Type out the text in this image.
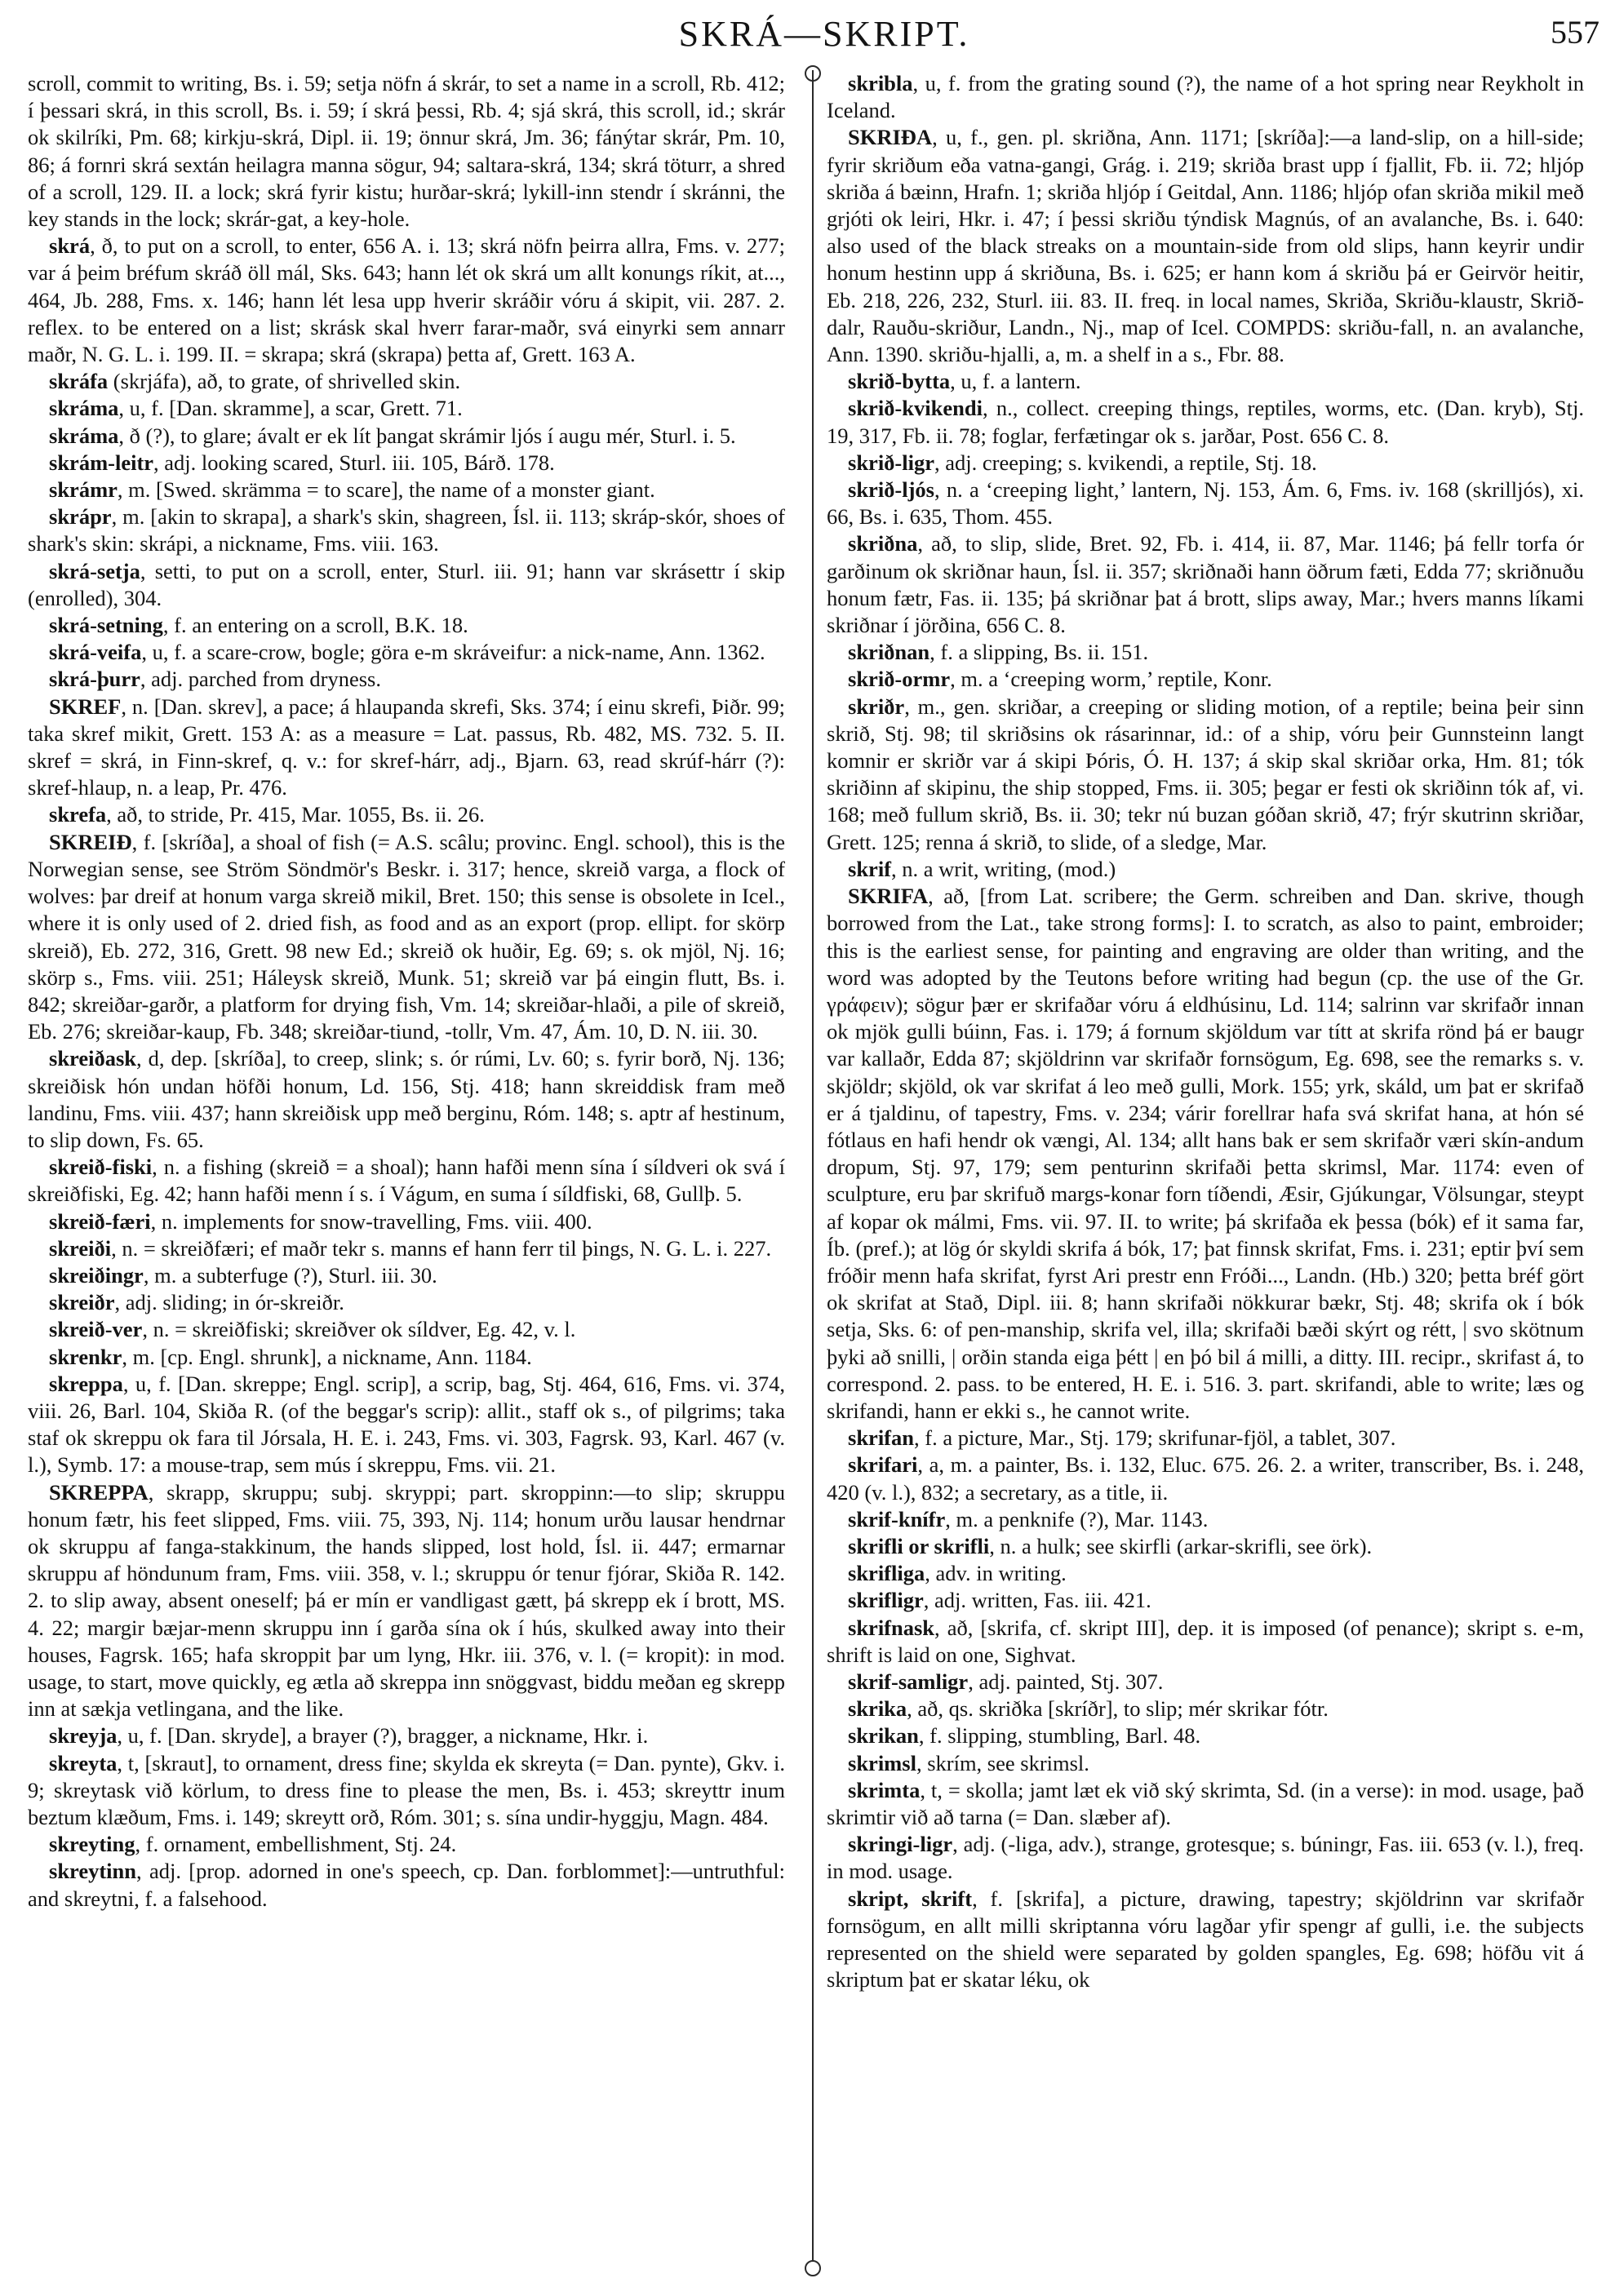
SKRÁ—SKRIPT.	557

scroll, commit to writing, Bs. i. 59; setja nöfn á skrár, to set a name in a scroll, Rb. 412; í þessari skrá, in this scroll, Bs. i. 59; í skrá þessi, Rb. 4; sjá skrá, this scroll, id.; skrár ok skilríki, Pm. 68; kirkju-skrá, Dipl. ii. 19; önnur skrá, Jm. 36; fánýtar skrár, Pm. 10, 86; á fornri skrá sextán heilagra manna sögur, 94; saltara-skrá, 134; skrá töturr, a shred of a scroll, 129. II. a lock; skrá fyrir kistu; hurðar-skrá; lykill-inn stendr í skránni, the key stands in the lock; skrár-gat, a key-hole.

skrá, ð, to put on a scroll, to enter, 656 A. i. 13; skrá nöfn þeirra allra, Fms. v. 277; var á þeim bréfum skráð öll mál, Sks. 643; hann lét ok skrá um allt konungs ríkit, at..., 464, Jb. 288, Fms. x. 146; hann lét lesa upp hverir skráðir vóru á skipit, vii. 287. 2. reflex. to be entered on a list; skrásk skal hverr farar-maðr, svá einyrki sem annarr maðr, N. G. L. i. 199. II. = skrapa; skrá (skrapa) þetta af, Grett. 163 A.

skráfa (skrjáfa), að, to grate, of shrivelled skin.

skráma, u, f. [Dan. skramme], a scar, Grett. 71.

skráma, ð (?), to glare; ávalt er ek lít þangat skrámir ljós í augu mér, Sturl. i. 5.

skrám-leitr, adj. looking scared, Sturl. iii. 105, Bárð. 178.

skrámr, m. [Swed. skrämma = to scare], the name of a monster giant.

skrápr, m. [akin to skrapa], a shark's skin, shagreen, Ísl. ii. 113; skráp-skór, shoes of shark's skin: skrápi, a nickname, Fms. viii. 163.

skrá-setja, setti, to put on a scroll, enter, Sturl. iii. 91; hann var skrásettr í skip (enrolled), 304.

skrá-setning, f. an entering on a scroll, B.K. 18.

skrá-veifa, u, f. a scare-crow, bogle; göra e-m skráveifur: a nick-name, Ann. 1362.

skrá-þurr, adj. parched from dryness.

SKREF, n. [Dan. skrev], a pace; á hlaupanda skrefi, Sks. 374; í einu skrefi, Þiðr. 99; taka skref mikit, Grett. 153 A: as a measure = Lat. passus, Rb. 482, MS. 732. 5. II. skref = skrá, in Finn-skref, q. v.: for skref-hárr, adj., Bjarn. 63, read skrúf-hárr (?): skref-hlaup, n. a leap, Pr. 476.

skrefa, að, to stride, Pr. 415, Mar. 1055, Bs. ii. 26.

SKREIÐ, f. [skríða], a shoal of fish (= A.S. scâlu; provinc. Engl. school), this is the Norwegian sense, see Ström Söndmör's Beskr. i. 317; hence, skreið varga, a flock of wolves: þar dreif at honum varga skreið mikil, Bret. 150; this sense is obsolete in Icel., where it is only used of 2. dried fish, as food and as an export (prop. ellipt. for skörp skreið), Eb. 272, 316, Grett. 98 new Ed.; skreið ok huðir, Eg. 69; s. ok mjöl, Nj. 16; skörp s., Fms. viii. 251; Háleysk skreið, Munk. 51; skreið var þá eingin flutt, Bs. i. 842; skreiðar-garðr, a platform for drying fish, Vm. 14; skreiðar-hlaði, a pile of skreið, Eb. 276; skreiðar-kaup, Fb. 348; skreiðar-tiund, -tollr, Vm. 47, Ám. 10, D. N. iii. 30.

skreiðask, d, dep. [skríða], to creep, slink; s. ór rúmi, Lv. 60; s. fyrir borð, Nj. 136; skreiðisk hón undan höfði honum, Ld. 156, Stj. 418; hann skreiddisk fram með landinu, Fms. viii. 437; hann skreiðisk upp með berginu, Róm. 148; s. aptr af hestinum, to slip down, Fs. 65.

skreið-fiski, n. a fishing (skreið = a shoal); hann hafði menn sína í síldveri ok svá í skreiðfiski, Eg. 42; hann hafði menn í s. í Vágum, en suma í síldfiski, 68, Gullþ. 5.

skreið-færi, n. implements for snow-travelling, Fms. viii. 400.

skreiði, n. = skreiðfæri; ef maðr tekr s. manns ef hann ferr til þings, N. G. L. i. 227.

skreiðingr, m. a subterfuge (?), Sturl. iii. 30.

skreiðr, adj. sliding; in ór-skreiðr.

skreið-ver, n. = skreiðfiski; skreiðver ok síldver, Eg. 42, v. l.

skrenkr, m. [cp. Engl. shrunk], a nickname, Ann. 1184.

skreppa, u, f. [Dan. skreppe; Engl. scrip], a scrip, bag, Stj. 464, 616, Fms. vi. 374, viii. 26, Barl. 104, Skiða R. (of the beggar's scrip): allit., staff ok s., of pilgrims; taka staf ok skreppu ok fara til Jórsala, H. E. i. 243, Fms. vi. 303, Fagrsk. 93, Karl. 467 (v. l.), Symb. 17: a mouse-trap, sem mús í skreppu, Fms. vii. 21.

SKREPPA, skrapp, skruppu; subj. skryppi; part. skroppinn:—to slip; skruppu honum fætr, his feet slipped, Fms. viii. 75, 393, Nj. 114; honum urðu lausar hendrnar ok skruppu af fanga-stakkinum, the hands slipped, lost hold, Ísl. ii. 447; ermarnar skruppu af höndunum fram, Fms. viii. 358, v. l.; skruppu ór tenur fjórar, Skiða R. 142. 2. to slip away, absent oneself; þá er mín er vandligast gætt, þá skrepp ek í brott, MS. 4. 22; margir bæjar-menn skruppu inn í garða sína ok í hús, skulked away into their houses, Fagrsk. 165; hafa skroppit þar um lyng, Hkr. iii. 376, v. l. (= kropit): in mod. usage, to start, move quickly, eg ætla að skreppa inn snöggvast, biddu meðan eg skrepp inn at sækja vetlingana, and the like.

skreyja, u, f. [Dan. skryde], a brayer (?), bragger, a nickname, Hkr. i.

skreyta, t, [skraut], to ornament, dress fine; skylda ek skreyta (= Dan. pynte), Gkv. i. 9; skreytask við körlum, to dress fine to please the men, Bs. i. 453; skreyttr inum beztum klæðum, Fms. i. 149; skreytt orð, Róm. 301; s. sína undir-hyggju, Magn. 484.

skreyting, f. ornament, embellishment, Stj. 24.

skreytinn, adj. [prop. adorned in one's speech, cp. Dan. forblommet]:—untruthful: and skreytni, f. a falsehood.

skribla, u, f. from the grating sound (?), the name of a hot spring near Reykholt in Iceland.

SKRIÐA, u, f., gen. pl. skriðna, Ann. 1171; [skríða]:—a land-slip, on a hill-side; fyrir skriðum eða vatna-gangi, Grág. i. 219; skriða brast upp í fjallit, Fb. ii. 72; hljóp skriða á bæinn, Hrafn. 1; skriða hljóp í Geitdal, Ann. 1186; hljóp ofan skriða mikil með grjóti ok leiri, Hkr. i. 47; í þessi skriðu týndisk Magnús, of an avalanche, Bs. i. 640: also used of the black streaks on a mountain-side from old slips, hann keyrir undir honum hestinn upp á skriðuna, Bs. i. 625; er hann kom á skriðu þá er Geirvör heitir, Eb. 218, 226, 232, Sturl. iii. 83. II. freq. in local names, Skriða, Skriðu-klaustr, Skrið-dalr, Rauðu-skriður, Landn., Nj., map of Icel. COMPDS: skriðu-fall, n. an avalanche, Ann. 1390. skriðu-hjalli, a, m. a shelf in a s., Fbr. 88.

skrið-bytta, u, f. a lantern.

skrið-kvikendi, n., collect. creeping things, reptiles, worms, etc. (Dan. kryb), Stj. 19, 317, Fb. ii. 78; foglar, ferfætingar ok s. jarðar, Post. 656 C. 8.

skrið-ligr, adj. creeping; s. kvikendi, a reptile, Stj. 18.

skrið-ljós, n. a ‘creeping light,’ lantern, Nj. 153, Ám. 6, Fms. iv. 168 (skrilljós), xi. 66, Bs. i. 635, Thom. 455.

skriðna, að, to slip, slide, Bret. 92, Fb. i. 414, ii. 87, Mar. 1146; þá fellr torfa ór garðinum ok skriðnar haun, Ísl. ii. 357; skriðnaði hann öðrum fæti, Edda 77; skriðnuðu honum fætr, Fas. ii. 135; þá skriðnar þat á brott, slips away, Mar.; hvers manns líkami skriðnar í jörðina, 656 C. 8.

skriðnan, f. a slipping, Bs. ii. 151.

skrið-ormr, m. a ‘creeping worm,’ reptile, Konr.

skriðr, m., gen. skriðar, a creeping or sliding motion, of a reptile; beina þeir sinn skrið, Stj. 98; til skriðsins ok rásarinnar, id.: of a ship, vóru þeir Gunnsteinn langt komnir er skriðr var á skipi Þóris, Ó. H. 137; á skip skal skriðar orka, Hm. 81; tók skriðinn af skipinu, the ship stopped, Fms. ii. 305; þegar er festi ok skriðinn tók af, vi. 168; með fullum skrið, Bs. ii. 30; tekr nú buzan góðan skrið, 47; frýr skutrinn skriðar, Grett. 125; renna á skrið, to slide, of a sledge, Mar.

skrif, n. a writ, writing, (mod.)

SKRIFA, að, [from Lat. scribere; the Germ. schreiben and Dan. skrive, though borrowed from the Lat., take strong forms]: I. to scratch, as also to paint, embroider; this is the earliest sense, for painting and engraving are older than writing, and the word was adopted by the Teutons before writing had begun (cp. the use of the Gr. γράφειν); sögur þær er skrifaðar vóru á eldhúsinu, Ld. 114; salrinn var skrifaðr innan ok mjök gulli búinn, Fas. i. 179; á fornum skjöldum var títt at skrifa rönd þá er baugr var kallaðr, Edda 87; skjöldrinn var skrifaðr fornsögum, Eg. 698, see the remarks s. v. skjöldr; skjöld, ok var skrifat á leo með gulli, Mork. 155; yrk, skáld, um þat er skrifað er á tjaldinu, of tapestry, Fms. v. 234; várir forellrar hafa svá skrifat hana, at hón sé fótlaus en hafi hendr ok vængi, Al. 134; allt hans bak er sem skrifaðr væri skín-andum dropum, Stj. 97, 179; sem penturinn skrifaði þetta skrimsl, Mar. 1174: even of sculpture, eru þar skrifuð margs-konar forn tíðendi, Æsir, Gjúkungar, Völsungar, steypt af kopar ok málmi, Fms. vii. 97. II. to write; þá skrifaða ek þessa (bók) ef it sama far, Íb. (pref.); at lög ór skyldi skrifa á bók, 17; þat finnsk skrifat, Fms. i. 231; eptir því sem fróðir menn hafa skrifat, fyrst Ari prestr enn Fróði..., Landn. (Hb.) 320; þetta bréf gört ok skrifat at Stað, Dipl. iii. 8; hann skrifaði nökkurar bækr, Stj. 48; skrifa ok í bók setja, Sks. 6: of pen-manship, skrifa vel, illa; skrifaði bæði skýrt og rétt, | svo skötnum þyki að snilli, | orðin standa eiga þétt | en þó bil á milli, a ditty. III. recipr., skrifast á, to correspond. 2. pass. to be entered, H. E. i. 516. 3. part. skrifandi, able to write; læs og skrifandi, hann er ekki s., he cannot write.

skrifan, f. a picture, Mar., Stj. 179; skrifunar-fjöl, a tablet, 307.

skrifari, a, m. a painter, Bs. i. 132, Eluc. 675. 26. 2. a writer, transcriber, Bs. i. 248, 420 (v. l.), 832; a secretary, as a title, ii.

skrif-knífr, m. a penknife (?), Mar. 1143.

skrifli or skrifli, n. a hulk; see skirfli (arkar-skrifli, see örk).

skrifliga, adv. in writing.

skrifligr, adj. written, Fas. iii. 421.

skrifnask, að, [skrifa, cf. skript III], dep. it is imposed (of penance); skript s. e-m, shrift is laid on one, Sighvat.

skrif-samligr, adj. painted, Stj. 307.

skrika, að, qs. skriðka [skríðr], to slip; mér skrikar fótr.

skrikan, f. slipping, stumbling, Barl. 48.

skrimsl, skrím, see skrimsl.

skrimta, t, = skolla; jamt læt ek við ský skrimta, Sd. (in a verse): in mod. usage, það skrimtir við að tarna (= Dan. slæber af).

skringi-ligr, adj. (-liga, adv.), strange, grotesque; s. búningr, Fas. iii. 653 (v. l.), freq. in mod. usage.

skript, skrift, f. [skrifa], a picture, drawing, tapestry; skjöldrinn var skrifaðr fornsögum, en allt milli skriptanna vóru lagðar yfir spengr af gulli, i.e. the subjects represented on the shield were separated by golden spangles, Eg. 698; höfðu vit á skriptum þat er skatar léku, ok
